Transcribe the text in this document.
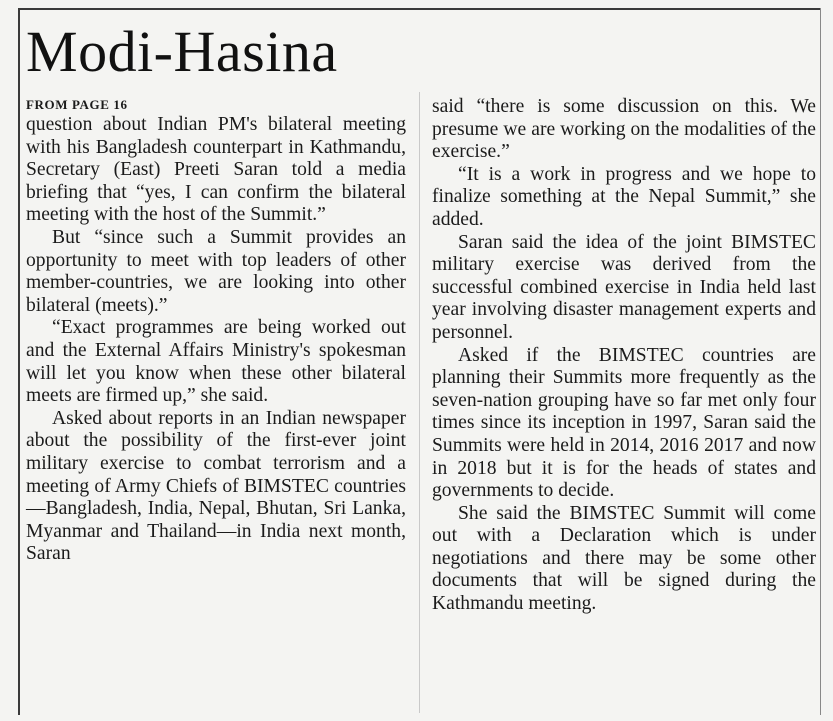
Modi-Hasina
FROM PAGE 16

question about Indian PM's bilateral meeting with his Bangladesh counterpart in Kathmandu, Secretary (East) Preeti Saran told a media briefing that “yes, I can confirm the bilateral meeting with the host of the Summit.”

But “since such a Summit provides an opportunity to meet with top leaders of other member-countries, we are looking into other bilateral (meets).”

“Exact programmes are being worked out and the External Affairs Ministry's spokesman will let you know when these other bilateral meets are firmed up,” she said.

Asked about reports in an Indian newspaper about the possibility of the first-ever joint military exercise to combat terrorism and a meeting of Army Chiefs of BIMSTEC countries—Bangladesh, India, Nepal, Bhutan, Sri Lanka, Myanmar and Thailand—in India next month, Saran

said “there is some discussion on this. We presume we are working on the modalities of the exercise.”

“It is a work in progress and we hope to finalize something at the Nepal Summit,” she added.

Saran said the idea of the joint BIMSTEC military exercise was derived from the successful combined exercise in India held last year involving disaster management experts and personnel.

Asked if the BIMSTEC countries are planning their Summits more frequently as the seven-nation grouping have so far met only four times since its inception in 1997, Saran said the Summits were held in 2014, 2016 2017 and now in 2018 but it is for the heads of states and governments to decide.

She said the BIMSTEC Summit will come out with a Declaration which is under negotiations and there may be some other documents that will be signed during the Kathmandu meeting.
